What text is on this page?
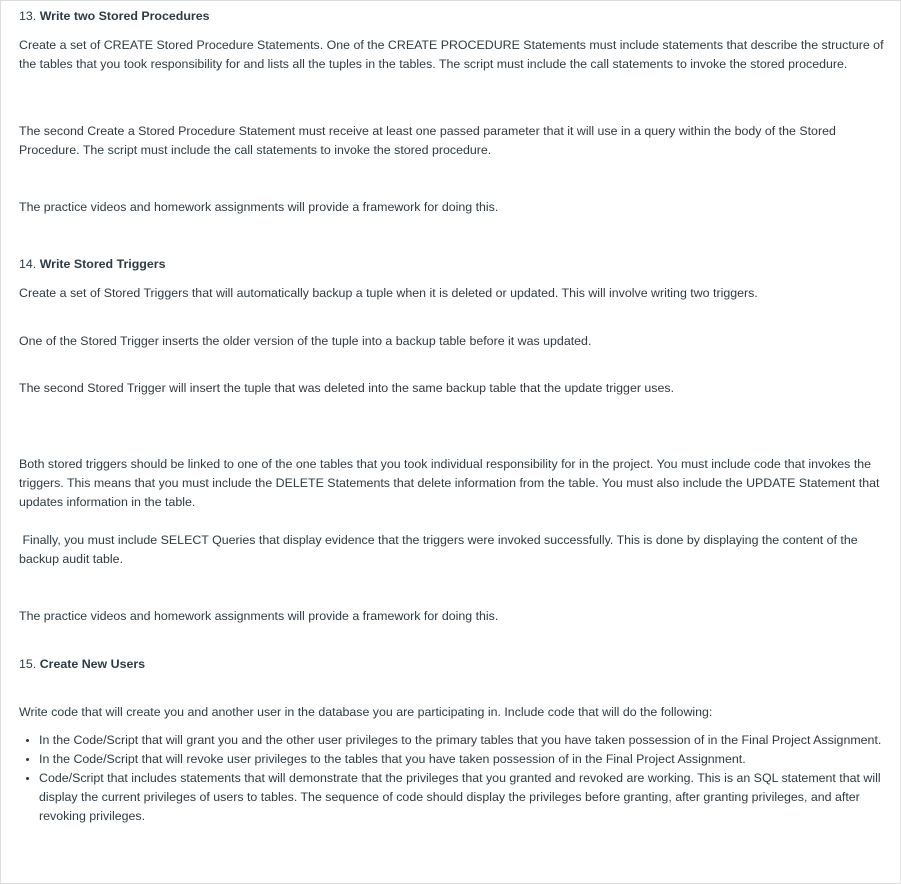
13. Write two Stored Procedures

Create a set of CREATE Stored Procedure Statements. One of the CREATE PROCEDURE Statements must include statements that describe the structure of the tables that you took responsibility for and lists all the tuples in the tables. The script must include the call statements to invoke the stored procedure.

The second Create a Stored Procedure Statement must receive at least one passed parameter that it will use in a query within the body of the Stored Procedure. The script must include the call statements to invoke the stored procedure.

The practice videos and homework assignments will provide a framework for doing this.

14. Write Stored Triggers

Create a set of Stored Triggers that will automatically backup a tuple when it is deleted or updated. This will involve writing two triggers.

One of the Stored Trigger inserts the older version of the tuple into a backup table before it was updated.

The second Stored Trigger will insert the tuple that was deleted into the same backup table that the update trigger uses.

Both stored triggers should be linked to one of the one tables that you took individual responsibility for in the project. You must include code that invokes the triggers. This means that you must include the DELETE Statements that delete information from the table. You must also include the UPDATE Statement that updates information in the table.

Finally, you must include SELECT Queries that display evidence that the triggers were invoked successfully. This is done by displaying the content of the backup audit table.

The practice videos and homework assignments will provide a framework for doing this.

15. Create New Users

Write code that will create you and another user in the database you are participating in. Include code that will do the following:

• In the Code/Script that will grant you and the other user privileges to the primary tables that you have taken possession of in the Final Project Assignment.
• In the Code/Script that will revoke user privileges to the tables that you have taken possession of in the Final Project Assignment.
• Code/Script that includes statements that will demonstrate that the privileges that you granted and revoked are working. This is an SQL statement that will display the current privileges of users to tables. The sequence of code should display the privileges before granting, after granting privileges, and after revoking privileges.
